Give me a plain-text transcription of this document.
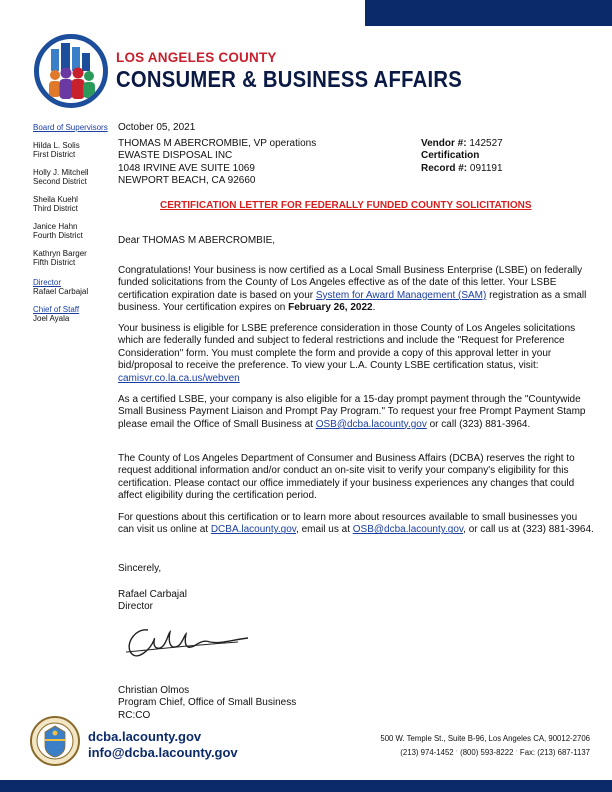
LOS ANGELES COUNTY
CONSUMER & BUSINESS AFFAIRS
Board of Supervisors
Hilda L. Solis
First District
Holly J. Mitchell
Second District
Sheila Kuehl
Third District
Janice Hahn
Fourth District
Kathryn Barger
Fifth District
Director
Rafael Carbajal
Chief of Staff
Joel Ayala
October 05, 2021
THOMAS M ABERCROMBIE, VP operations
EWASTE DISPOSAL INC
1048 IRVINE AVE SUITE 1069
NEWPORT BEACH, CA 92660
Vendor #: 142527
Certification
Record #: 091191
CERTIFICATION LETTER FOR FEDERALLY FUNDED COUNTY SOLICITATIONS
Dear THOMAS M ABERCROMBIE,
Congratulations! Your business is now certified as a Local Small Business Enterprise (LSBE) on federally funded solicitations from the County of Los Angeles effective as of the date of this letter. Your LSBE certification expiration date is based on your System for Award Management (SAM) registration as a small business. Your certification expires on February 26, 2022.
Your business is eligible for LSBE preference consideration in those County of Los Angeles solicitations which are federally funded and subject to federal restrictions and include the "Request for Preference Consideration" form. You must complete the form and provide a copy of this approval letter in your bid/proposal to receive the preference. To view your L.A. County LSBE certification status, visit:
camisvr.co.la.ca.us/webven
As a certified LSBE, your company is also eligible for a 15-day prompt payment through the "Countywide Small Business Payment Liaison and Prompt Pay Program." To request your free Prompt Payment Stamp please email the Office of Small Business at OSB@dcba.lacounty.gov or call (323) 881-3964.
The County of Los Angeles Department of Consumer and Business Affairs (DCBA) reserves the right to request additional information and/or conduct an on-site visit to verify your company's eligibility for this certification. Please contact our office immediately if your business experiences any changes that could affect eligibility during the certification period.
For questions about this certification or to learn more about resources available to small businesses you can visit us online at DCBA.lacounty.gov, email us at OSB@dcba.lacounty.gov, or call us at (323) 881-3964.
Sincerely,
Rafael Carbajal
Director
Christian Olmos
Program Chief, Office of Small Business
RC:CO
dcba.lacounty.gov
info@dcba.lacounty.gov
500 W. Temple St., Suite B-96, Los Angeles CA, 90012-2706
(213) 974-1452 ˑ (800) 593-8222 ˑ Fax: (213) 687-1137
